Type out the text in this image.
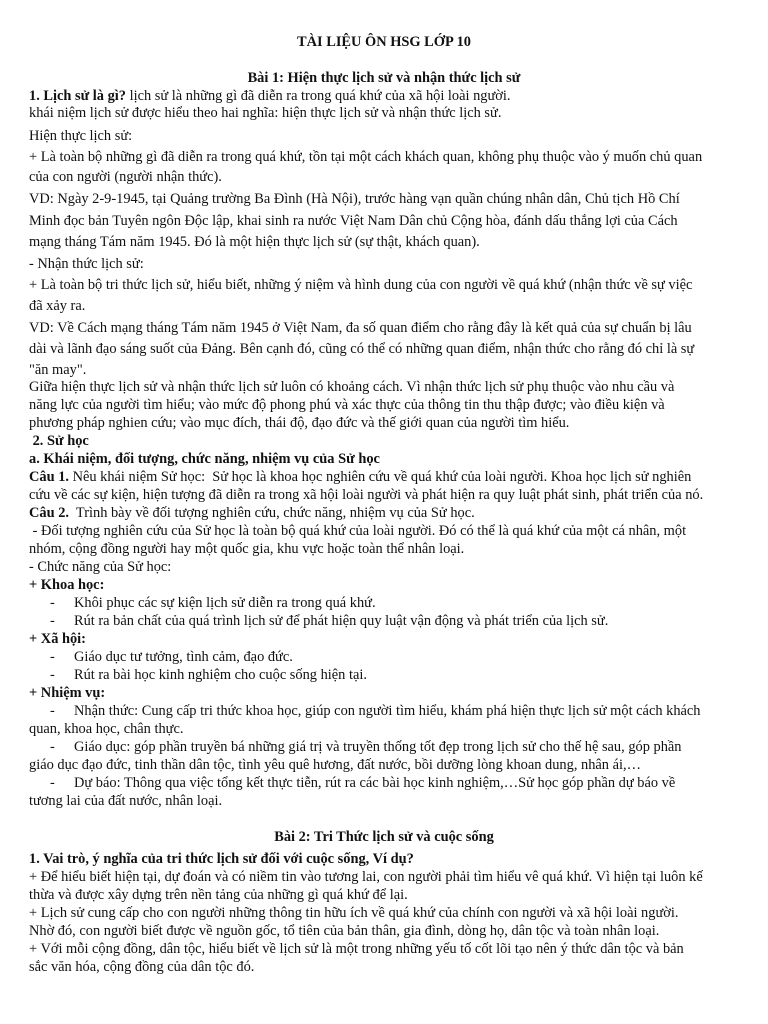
TÀI LIỆU ÔN HSG LỚP 10
Bài 1: Hiện thực lịch sử và nhận thức lịch sử
1. Lịch sử là gì? lịch sử là những gì đã diễn ra trong quá khứ của xã hội loài người.
khái niệm lịch sử được hiểu theo hai nghĩa: hiện thực lịch sử và nhận thức lịch sử.
Hiện thực lịch sử:
+ Là toàn bộ những gì đã diễn ra trong quá khứ, tồn tại một cách khách quan, không phụ thuộc vào ý muốn chủ quan
của con người (người nhận thức).
VD: Ngày 2-9-1945, tại Quảng trường Ba Đình (Hà Nội), trước hàng vạn quần chúng nhân dân, Chủ tịch Hồ Chí
Minh đọc bản Tuyên ngôn Độc lập, khai sinh ra nước Việt Nam Dân chủ Cộng hòa, đánh dấu thắng lợi của Cách
mạng tháng Tám năm 1945. Đó là một hiện thực lịch sử (sự thật, khách quan).
- Nhận thức lịch sử:
+ Là toàn bộ tri thức lịch sử, hiểu biết, những ý niệm và hình dung của con người về quá khứ (nhận thức về sự việc
đã xảy ra.
VD: Về Cách mạng tháng Tám năm 1945 ở Việt Nam, đa số quan điểm cho rằng đây là kết quả của sự chuẩn bị lâu
dài và lãnh đạo sáng suốt của Đảng. Bên cạnh đó, cũng có thể có những quan điểm, nhận thức cho rằng đó chỉ là sự
"ăn may".
Giữa hiện thực lịch sử và nhận thức lịch sử luôn có khoảng cách. Vì nhận thức lịch sử phụ thuộc vào nhu cầu và
năng lực của người tìm hiểu; vào mức độ phong phú và xác thực của thông tin thu thập được; vào điều kiện và
phương pháp nghien cứu; vào mục đích, thái độ, đạo đức và thế giới quan của người tìm hiểu.
2. Sử học
a. Khái niệm, đối tượng, chức năng, nhiệm vụ của Sử học
Câu 1. Nêu khái niệm Sử học:  Sử học là khoa học nghiên cứu về quá khứ của loài người. Khoa học lịch sử nghiên
cứu về các sự kiện, hiện tượng đã diễn ra trong xã hội loài người và phát hiện ra quy luật phát sinh, phát triển của nó.
Câu 2.  Trình bày về đối tượng nghiên cứu, chức năng, nhiệm vụ của Sử học.
- Đối tượng nghiên cứu của Sử học là toàn bộ quá khứ của loài người. Đó có thể là quá khứ của một cá nhân, một
nhóm, cộng đồng người hay một quốc gia, khu vực hoặc toàn thể nhân loại.
- Chức năng của Sử học:
+ Khoa học:
- Khôi phục các sự kiện lịch sử diễn ra trong quá khứ.
- Rút ra bản chất của quá trình lịch sử để phát hiện quy luật vận động và phát triển của lịch sử.
+ Xã hội:
- Giáo dục tư tưởng, tình cảm, đạo đức.
- Rút ra bài học kinh nghiệm cho cuộc sống hiện tại.
+ Nhiệm vụ:
- Nhận thức: Cung cấp tri thức khoa học, giúp con người tìm hiểu, khám phá hiện thực lịch sử một cách khách
quan, khoa học, chân thực.
- Giáo dục: góp phần truyền bá những giá trị và truyền thống tốt đẹp trong lịch sử cho thế hệ sau, góp phần
giáo dục đạo đức, tinh thần dân tộc, tình yêu quê hương, đất nước, bồi dưỡng lòng khoan dung, nhân ái,…
- Dự báo: Thông qua việc tổng kết thực tiễn, rút ra các bài học kinh nghiệm,…Sử học góp phần dự báo về
tương lai của đất nước, nhân loại.
Bài 2: Tri Thức lịch sử và cuộc sống
1. Vai trò, ý nghĩa của tri thức lịch sử đối với cuộc sống, Ví dụ?
+ Để hiểu biết hiện tại, dự đoán và có niềm tin vào tương lai, con người phải tìm hiểu vê quá khứ. Vì hiện tại luôn kế
thừa và được xây dựng trên nền tảng của những gì quá khứ để lại.
+ Lịch sử cung cấp cho con người những thông tin hữu ích về quá khứ của chính con người và xã hội loài người.
Nhờ đó, con người biết được về nguồn gốc, tổ tiên của bản thân, gia đình, dòng họ, dân tộc và toàn nhân loại.
+ Với mỗi cộng đồng, dân tộc, hiểu biết về lịch sử là một trong những yếu tố cốt lõi tạo nên ý thức dân tộc và bản
sắc văn hóa, cộng đồng của dân tộc đó.
